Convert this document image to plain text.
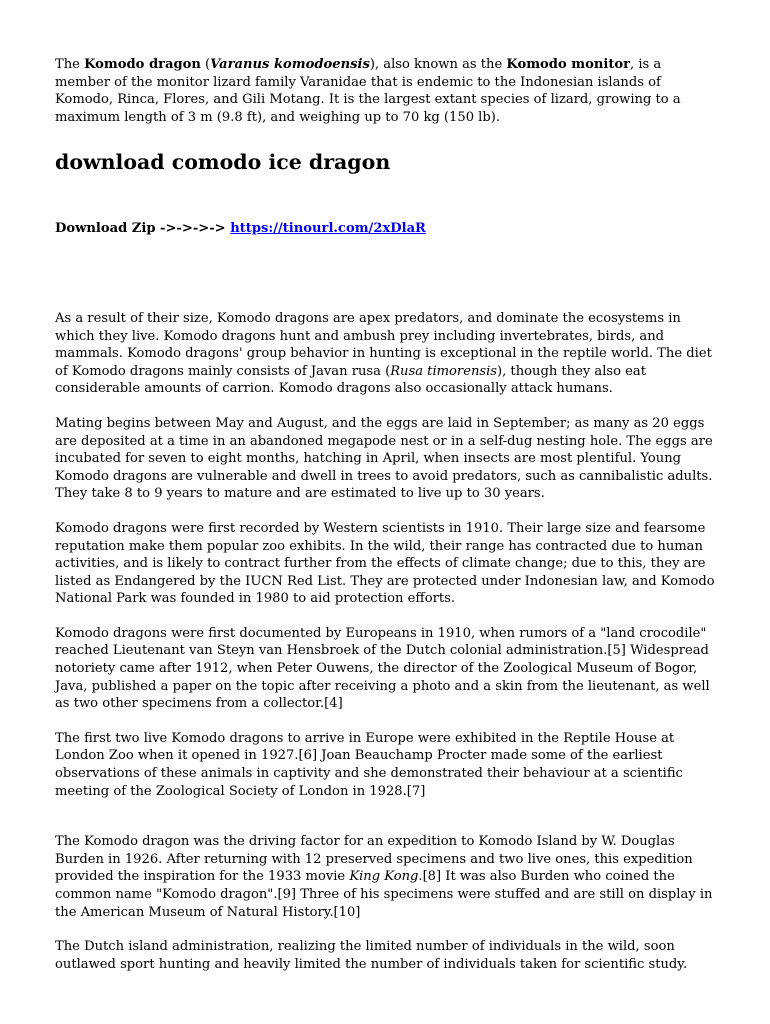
The Komodo dragon (Varanus komodoensis), also known as the Komodo monitor, is a member of the monitor lizard family Varanidae that is endemic to the Indonesian islands of Komodo, Rinca, Flores, and Gili Motang. It is the largest extant species of lizard, growing to a maximum length of 3 m (9.8 ft), and weighing up to 70 kg (150 lb).

download comodo ice dragon

Download Zip ->->->-> https://tinourl.com/2xDlaR

As a result of their size, Komodo dragons are apex predators, and dominate the ecosystems in which they live. Komodo dragons hunt and ambush prey including invertebrates, birds, and mammals. Komodo dragons' group behavior in hunting is exceptional in the reptile world. The diet of Komodo dragons mainly consists of Javan rusa (Rusa timorensis), though they also eat considerable amounts of carrion. Komodo dragons also occasionally attack humans.

Mating begins between May and August, and the eggs are laid in September; as many as 20 eggs are deposited at a time in an abandoned megapode nest or in a self-dug nesting hole. The eggs are incubated for seven to eight months, hatching in April, when insects are most plentiful. Young Komodo dragons are vulnerable and dwell in trees to avoid predators, such as cannibalistic adults. They take 8 to 9 years to mature and are estimated to live up to 30 years.

Komodo dragons were first recorded by Western scientists in 1910. Their large size and fearsome reputation make them popular zoo exhibits. In the wild, their range has contracted due to human activities, and is likely to contract further from the effects of climate change; due to this, they are listed as Endangered by the IUCN Red List. They are protected under Indonesian law, and Komodo National Park was founded in 1980 to aid protection efforts.

Komodo dragons were first documented by Europeans in 1910, when rumors of a "land crocodile" reached Lieutenant van Steyn van Hensbroek of the Dutch colonial administration.[5] Widespread notoriety came after 1912, when Peter Ouwens, the director of the Zoological Museum of Bogor, Java, published a paper on the topic after receiving a photo and a skin from the lieutenant, as well as two other specimens from a collector.[4]

The first two live Komodo dragons to arrive in Europe were exhibited in the Reptile House at London Zoo when it opened in 1927.[6] Joan Beauchamp Procter made some of the earliest observations of these animals in captivity and she demonstrated their behaviour at a scientific meeting of the Zoological Society of London in 1928.[7]

The Komodo dragon was the driving factor for an expedition to Komodo Island by W. Douglas Burden in 1926. After returning with 12 preserved specimens and two live ones, this expedition provided the inspiration for the 1933 movie King Kong.[8] It was also Burden who coined the common name "Komodo dragon".[9] Three of his specimens were stuffed and are still on display in the American Museum of Natural History.[10]

The Dutch island administration, realizing the limited number of individuals in the wild, soon outlawed sport hunting and heavily limited the number of individuals taken for scientific study.
